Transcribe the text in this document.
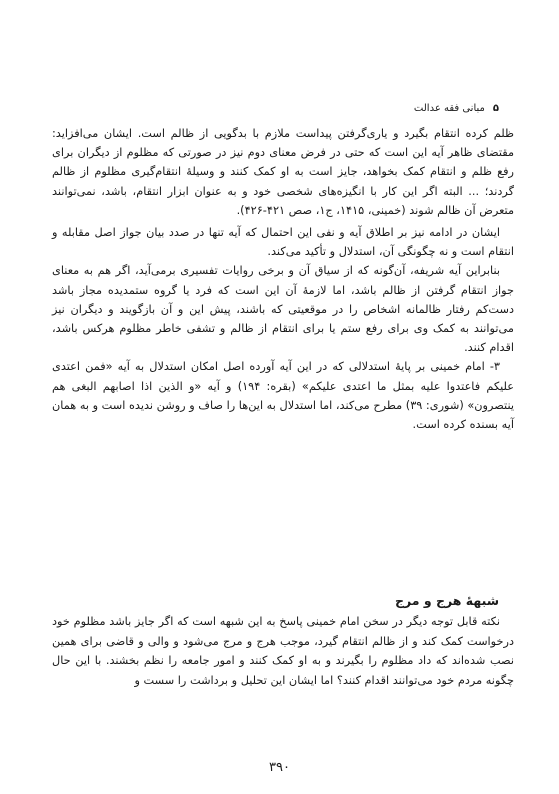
۵
مبانی فقه عدالت

ظلم کرده انتقام بگیرد و یاری‌گرفتن پیداست ملازم با بدگویی از ظالم است. ایشان می‌افزاید: مقتضای ظاهر آیه این است که حتی در فرض معنای دوم نیز در صورتی که مظلوم از دیگران برای رفع ظلم و انتقام کمک بخواهد، جایز است به او کمک کنند و وسیلهٔ انتقام‌گیری مظلوم از ظالم گردند؛ ... البته اگر این کار با انگیزه‌های شخصی خود و به عنوان ابزار انتقام، باشد، نمی‌توانند متعرض آن ظالم شوند (خمینی، ۱۴۱۵، ج۱، صص ۴۲۱-۴۲۶).

ایشان در ادامه نیز بر اطلاق آیه و نفی این احتمال که آیه تنها در صدد بیان جواز اصل مقابله و انتقام است و نه چگونگی آن، استدلال و تأکید می‌کند.

بنابراین آیه شریفه، آن‌گونه که از سیاق آن و برخی روایات تفسیری برمی‌آید، اگر هم به معنای جواز انتقام گرفتن از ظالم باشد، اما لازمهٔ آن این است که فرد یا گروه ستمدیده مجاز باشد دست‌کم رفتار ظالمانه اشخاص را در موقعیتی که باشند، پیش این و آن بازگویند و دیگران نیز می‌توانند به کمک وی برای رفع ستم یا برای انتقام از ظالم و تشفی خاطر مظلوم هرکس باشد، اقدام کنند.

۳- امام خمینی بر پایهٔ استدلالی که در این آیه آورده اصل امکان استدلال به آیه «فمن اعتدی علیکم فاعتدوا علیه بمثل ما اعتدی علیکم» (بقره: ۱۹۴) و آیه «و الذین اذا اصابهم البغی هم ینتصرون» (شوری: ۳۹) مطرح می‌کند، اما استدلال به این‌ها را صاف و روشن ندیده است و به همان آیه بسنده کرده است.

شبههٔ هرج و مرج

نکته قابل توجه دیگر در سخن امام خمینی پاسخ به این شبهه است که اگر جایز باشد مظلوم خود درخواست کمک کند و از ظالم انتقام گیرد، موجب هرج و مرج می‌شود و والی و قاضی برای همین نصب شده‌اند که داد مظلوم را بگیرند و به او کمک کنند و امور جامعه را نظم بخشند. با این حال چگونه مردم خود می‌توانند اقدام کنند؟ اما ایشان این تحلیل و برداشت را سست و

۳۹۰
